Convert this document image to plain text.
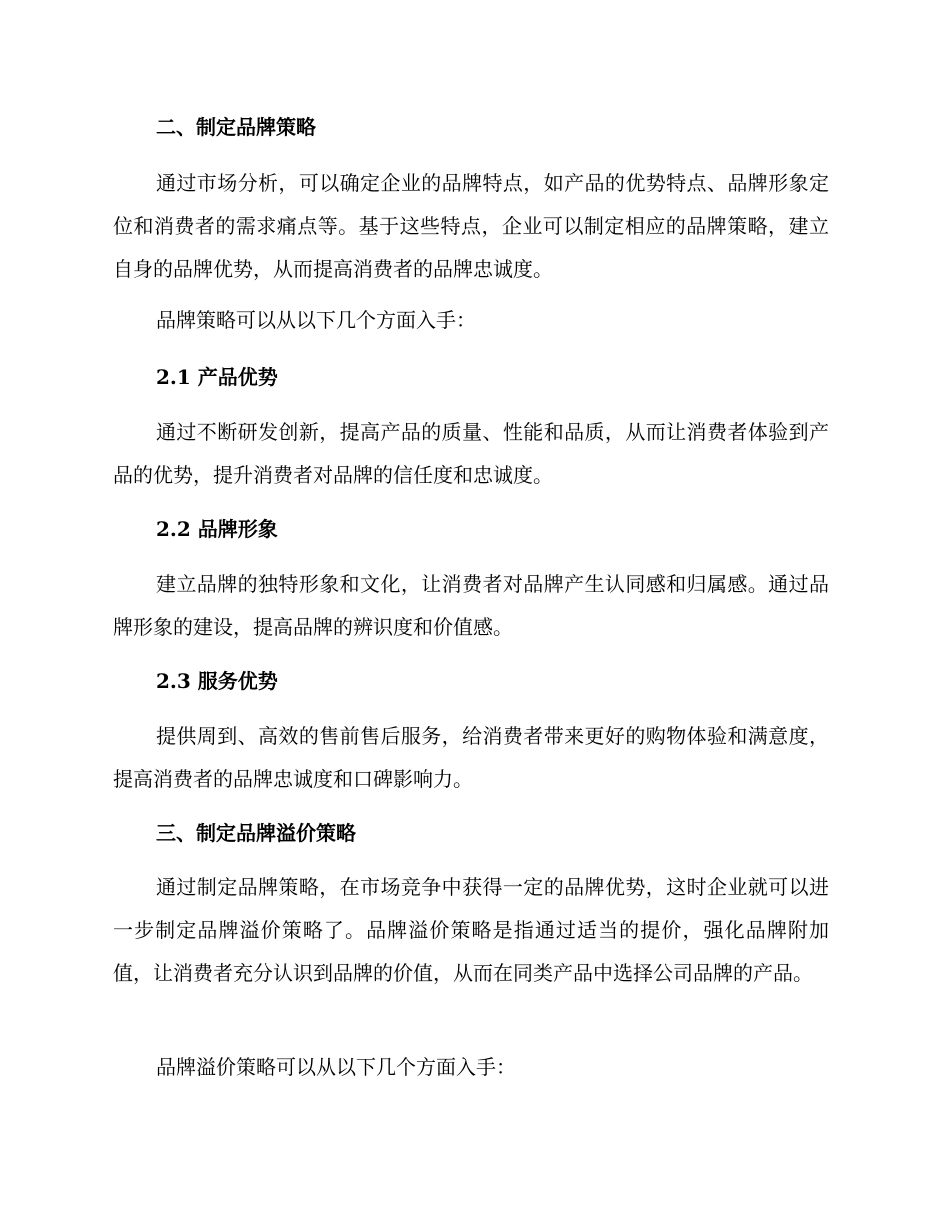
二、制定品牌策略

通过市场分析，可以确定企业的品牌特点，如产品的优势特点、品牌形象定位和消费者的需求痛点等。基于这些特点，企业可以制定相应的品牌策略，建立自身的品牌优势，从而提高消费者的品牌忠诚度。

品牌策略可以从以下几个方面入手：

2.1 产品优势

通过不断研发创新，提高产品的质量、性能和品质，从而让消费者体验到产品的优势，提升消费者对品牌的信任度和忠诚度。

2.2 品牌形象

建立品牌的独特形象和文化，让消费者对品牌产生认同感和归属感。通过品牌形象的建设，提高品牌的辨识度和价值感。

2.3 服务优势

提供周到、高效的售前售后服务，给消费者带来更好的购物体验和满意度，提高消费者的品牌忠诚度和口碑影响力。

三、制定品牌溢价策略

通过制定品牌策略，在市场竞争中获得一定的品牌优势，这时企业就可以进一步制定品牌溢价策略了。品牌溢价策略是指通过适当的提价，强化品牌附加值，让消费者充分认识到品牌的价值，从而在同类产品中选择公司品牌的产品。

品牌溢价策略可以从以下几个方面入手：
